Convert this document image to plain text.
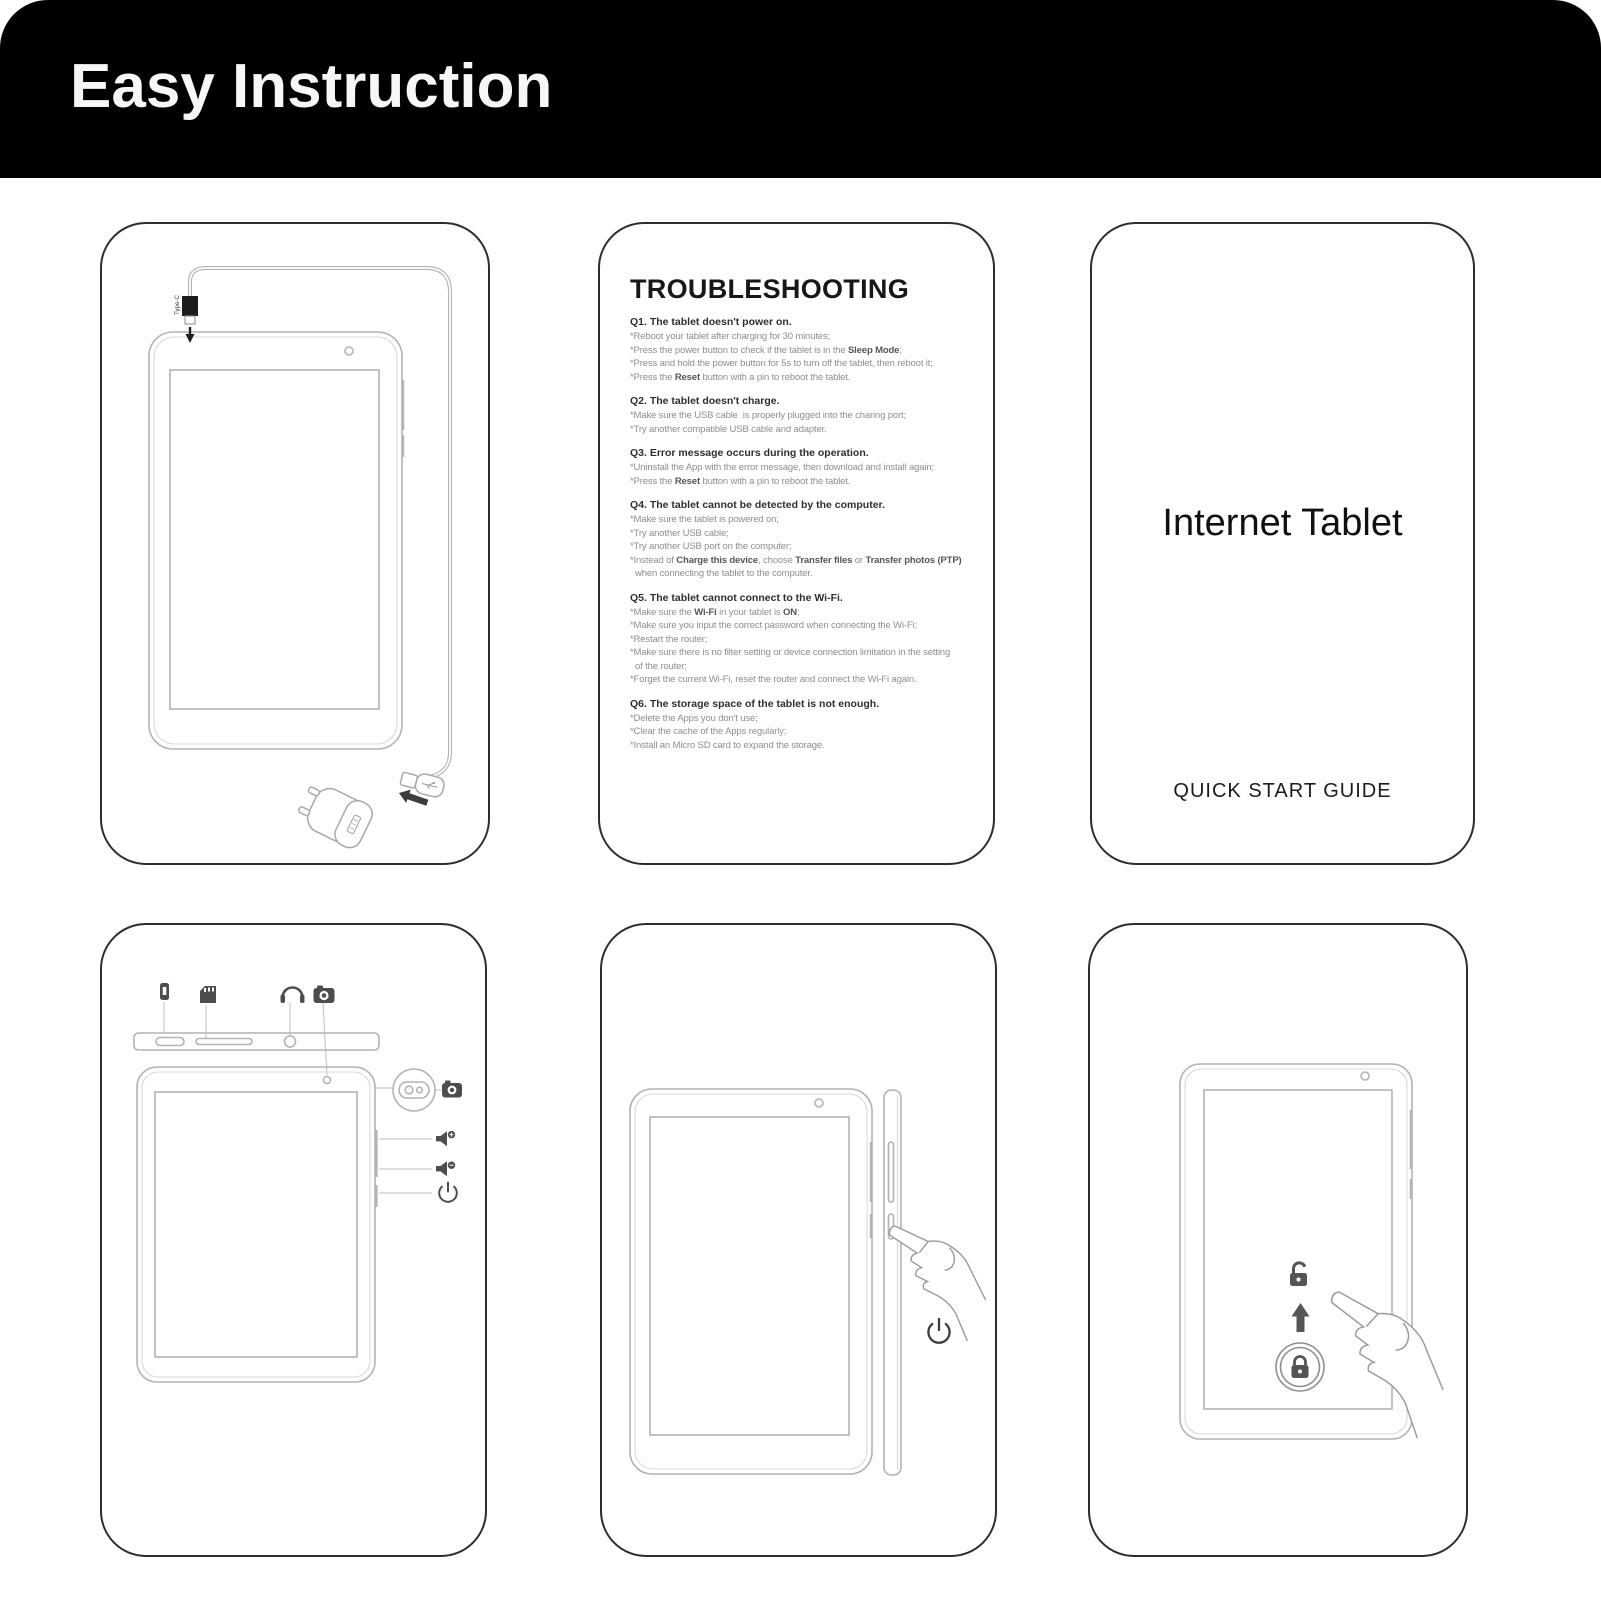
Easy Instruction
Type-C
TROUBLESHOOTING
Q1. The tablet doesn't power on.
*Reboot your tablet after charging for 30 minutes;
*Press the power button to check if the tablet is in the Sleep Mode;
*Press and hold the power button for 5s to turn off the tablet, then reboot it;
*Press the Reset button with a pin to reboot the tablet.
Q2. The tablet doesn't charge.
*Make sure the USB cable  is properly plugged into the charing port;
*Try another compatible USB cable and adapter.
Q3. Error message occurs during the operation.
*Uninstall the App with the error message, then download and install again;
*Press the Reset button with a pin to reboot the tablet.
Q4. The tablet cannot be detected by the computer.
*Make sure the tablet is powered on;
*Try another USB cable;
*Try another USB port on the computer;
*Instead of Charge this device, choose Transfer files or Transfer photos (PTP)
when connecting the tablet to the computer.
Q5. The tablet cannot connect to the Wi-Fi.
*Make sure the Wi-Fi in your tablet is ON;
*Make sure you input the correct password when connecting the Wi-Fi;
*Restart the router;
*Make sure there is no filter setting or device connection limitation in the setting
of the router;
*Forget the current Wi-Fi, reset the router and connect the Wi-Fi again.
Q6. The storage space of the tablet is not enough.
*Delete the Apps you don't use;
*Clear the cache of the Apps regularly;
*Install an Micro SD card to expand the storage.
Internet Tablet
QUICK START GUIDE
